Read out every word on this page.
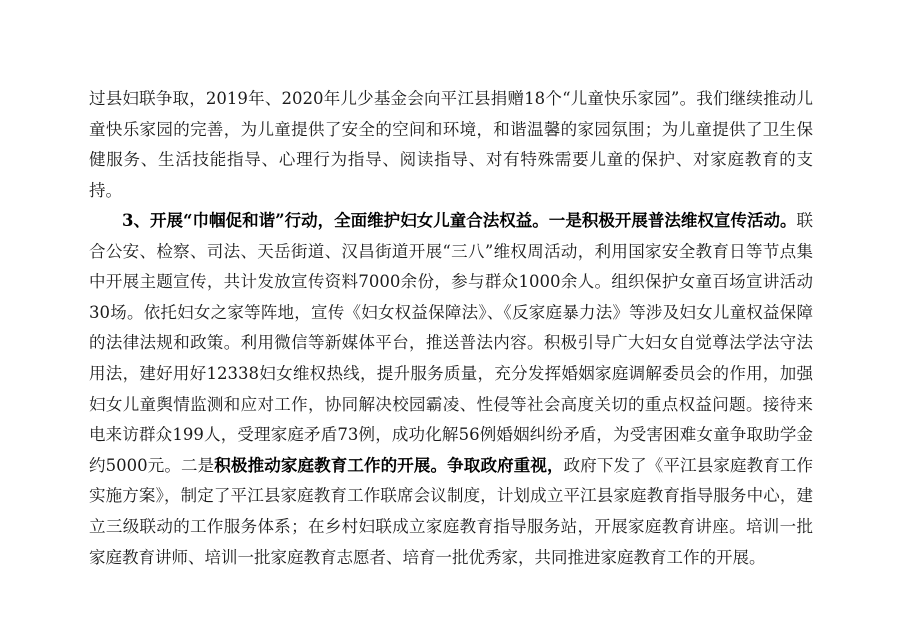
过县妇联争取，2019年、2020年儿少基金会向平江县捐赠18个“儿童快乐家园”。我们继续推动儿童快乐家园的完善，为儿童提供了安全的空间和环境，和谐温馨的家园氛围；为儿童提供了卫生保健服务、生活技能指导、心理行为指导、阅读指导、对有特殊需要儿童的保护、对家庭教育的支持。
3、开展“巾帼促和谐”行动，全面维护妇女儿童合法权益。一是积极开展普法维权宣传活动。联合公安、检察、司法、天岳街道、汉昌街道开展“三八”维权周活动，利用国家安全教育日等节点集中开展主题宣传，共计发放宣传资料7000余份，参与群众1000余人。组织保护女童百场宣讲活动30场。依托妇女之家等阵地，宣传《妇女权益保障法》、《反家庭暴力法》等涉及妇女儿童权益保障的法律法规和政策。利用微信等新媒体平台，推送普法内容。积极引导广大妇女自觉尊法学法守法用法，建好用好12338妇女维权热线，提升服务质量，充分发挥婚姻家庭调解委员会的作用，加强妇女儿童舆情监测和应对工作，协同解决校园霸凌、性侵等社会高度关切的重点权益问题。接待来电来访群众199人，受理家庭矛盾73例，成功化解56例婚姻纠纷矛盾，为受害困难女童争取助学金约5000元。二是积极推动家庭教育工作的开展。争取政府重视，政府下发了《平江县家庭教育工作实施方案》，制定了平江县家庭教育工作联席会议制度，计划成立平江县家庭教育指导服务中心，建立三级联动的工作服务体系；在乡村妇联成立家庭教育指导服务站，开展家庭教育讲座。培训一批家庭教育讲师、培训一批家庭教育志愿者、培育一批优秀家，共同推进家庭教育工作的开展。
